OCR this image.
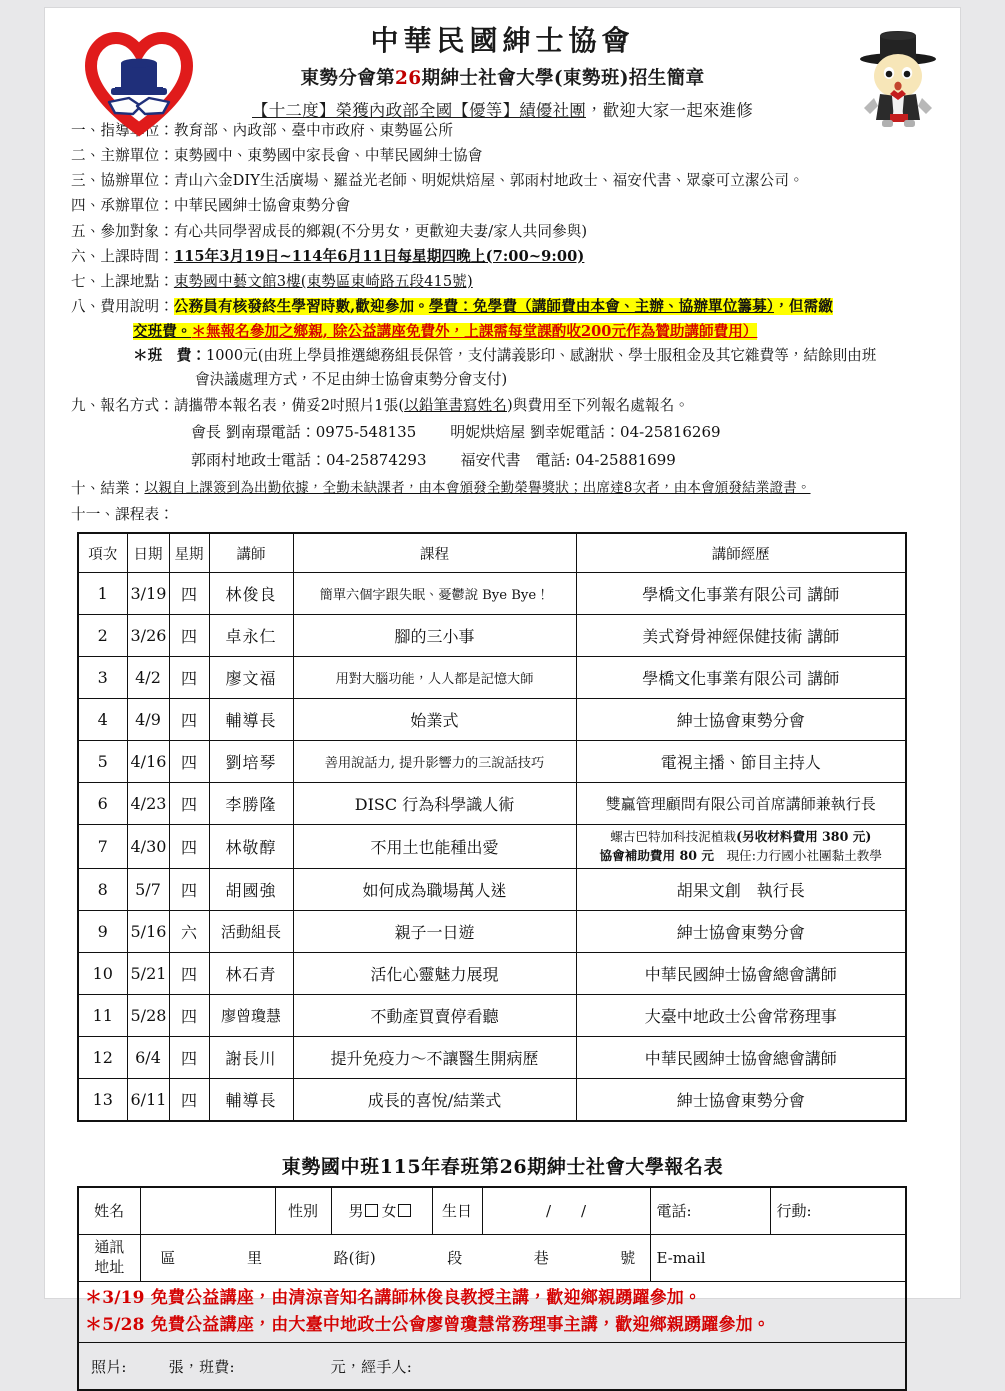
中華民國紳士協會
東勢分會第26期紳士社會大學(東勢班)招生簡章
【十二度】榮獲內政部全國【優等】績優社團，歡迎大家一起來進修
一、指導單位： 教育部、內政部、臺中市政府、東勢區公所
二、主辦單位： 東勢國中、東勢國中家長會、中華民國紳士協會
三、協辦單位： 青山六金DIY生活廣場、羅益光老師、明妮烘焙屋、郭雨村地政士、福安代書、眾豪可立潔公司。
四、承辦單位： 中華民國紳士協會東勢分會
五、參加對象： 有心共同學習成長的鄉親(不分男女，更歡迎夫妻/家人共同參與)
六、上課時間： 115年3月19日~114年6月11日每星期四晚上(7:00~9:00)
七、上課地點： 東勢國中藝文館3樓(東勢區東崎路五段415號)
八、費用說明： 公務員有核發終生學習時數,歡迎參加。學費：免學費（講師費由本會、主辦、協辦單位籌募），但需繳
交班費。＊無報名參加之鄉親, 除公益講座免費外，上課需每堂課酌收200元作為贊助講師費用）
＊班　費： 1000元(由班上學員推選總務組長保管，支付講義影印、感謝狀、學士服租金及其它雜費等，結餘則由班
會決議處理方式，不足由紳士協會東勢分會支付)
九、報名方式： 請攜帶本報名表，備妥2吋照片1張(以鉛筆書寫姓名)與費用至下列報名處報名。
會長 劉南璟電話：0975-548135 明妮烘焙屋 劉幸妮電話：04-25816269
郭雨村地政士電話：04-25874293 福安代書　電話: 04-25881699
十、結業： 以親自上課簽到為出勤依據，全勤未缺課者，由本會頒發全勤榮譽獎狀；出席達8次者，由本會頒發結業證書。
十一、課程表：
項次	日期	星期	講師	課程	講師經歷
1	3/19	四	林俊良	簡單六個字跟失眠、憂鬱說 Bye Bye！	學橋文化事業有限公司 講師
2	3/26	四	卓永仁	腳的三小事	美式脊骨神經保健技術 講師
3	4/2	四	廖文福	用對大腦功能，人人都是記憶大師	學橋文化事業有限公司 講師
4	4/9	四	輔導長	始業式	紳士協會東勢分會
5	4/16	四	劉培琴	善用說話力, 提升影響力的三說話技巧	電視主播、節目主持人
6	4/23	四	李勝隆	DISC 行為科學識人術	雙贏管理顧問有限公司首席講師兼執行長
7	4/30	四	林敬醇	不用土也能種出愛	螺古巴特加科技泥植栽(另收材料費用 380 元)
協會補助費用 80 元　現任:力行國小社團黏土教學

8	5/7	四	胡國強	如何成為職場萬人迷	胡果文創　執行長
9	5/16	六	活動組長	親子一日遊	紳士協會東勢分會
10	5/21	四	林石青	活化心靈魅力展現	中華民國紳士協會總會講師
11	5/28	四	廖曾瓊慧	不動產買賣停看聽	大臺中地政士公會常務理事
12	6/4	四	謝長川	提升免疫力～不讓醫生開病歷	中華民國紳士協會總會講師
13	6/11	四	輔導長	成長的喜悅/結業式	紳士協會東勢分會
東勢國中班115年春班第26期紳士社會大學報名表
姓名		性別	男 女	生日	/　　/	電話:	行動:
通訊
地址	區	里	路(街)	段	巷	號	E-mail

＊3/19 免費公益講座，由清涼音知名講師林俊良教授主講，歡迎鄉親踴躍參加。
＊5/28 免費公益講座，由大臺中地政士公會廖曾瓊慧常務理事主講，歡迎鄉親踴躍參加。							

照片: 張，班費: 元，經手人:							
